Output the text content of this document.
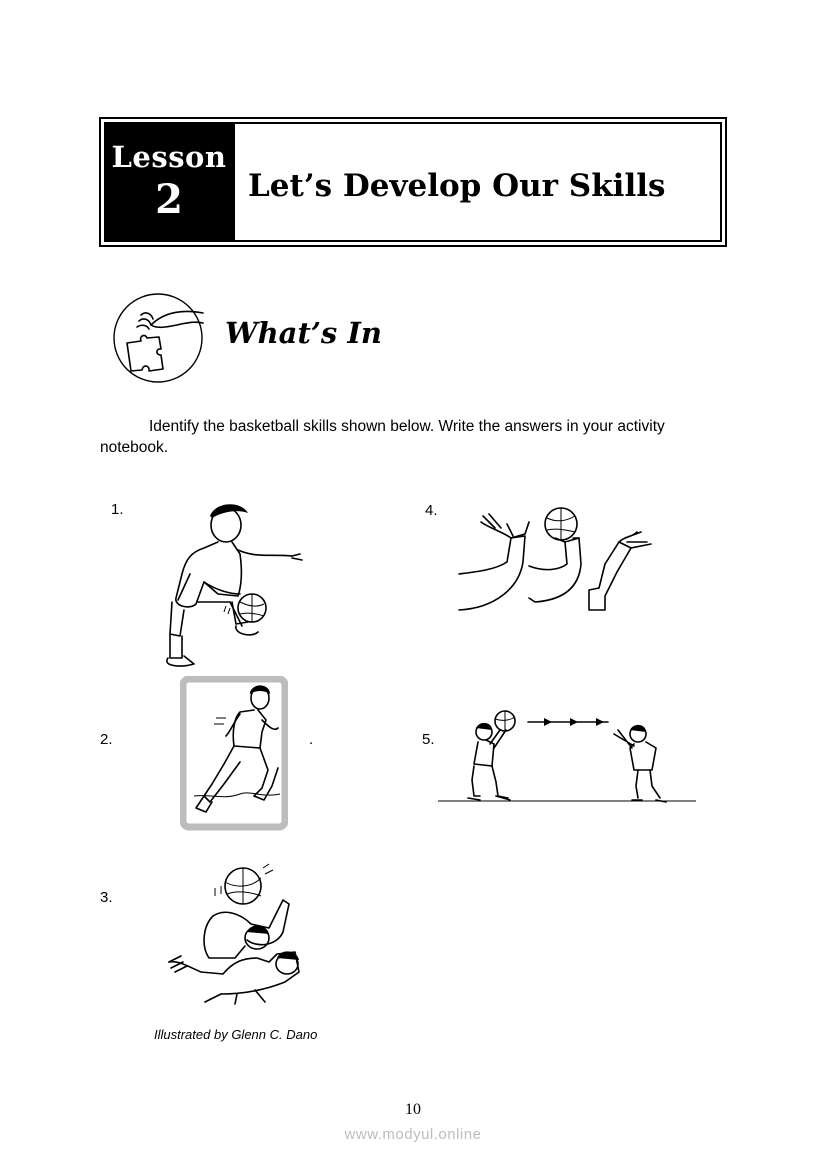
Lesson
2	Let’s Develop Our Skills
What’s In
Identify the basketball skills shown below. Write the answers in your activity notebook.
1.
2.
3.
4.
5.
.
Illustrated by Glenn C. Dano
10
www.modyul.online
